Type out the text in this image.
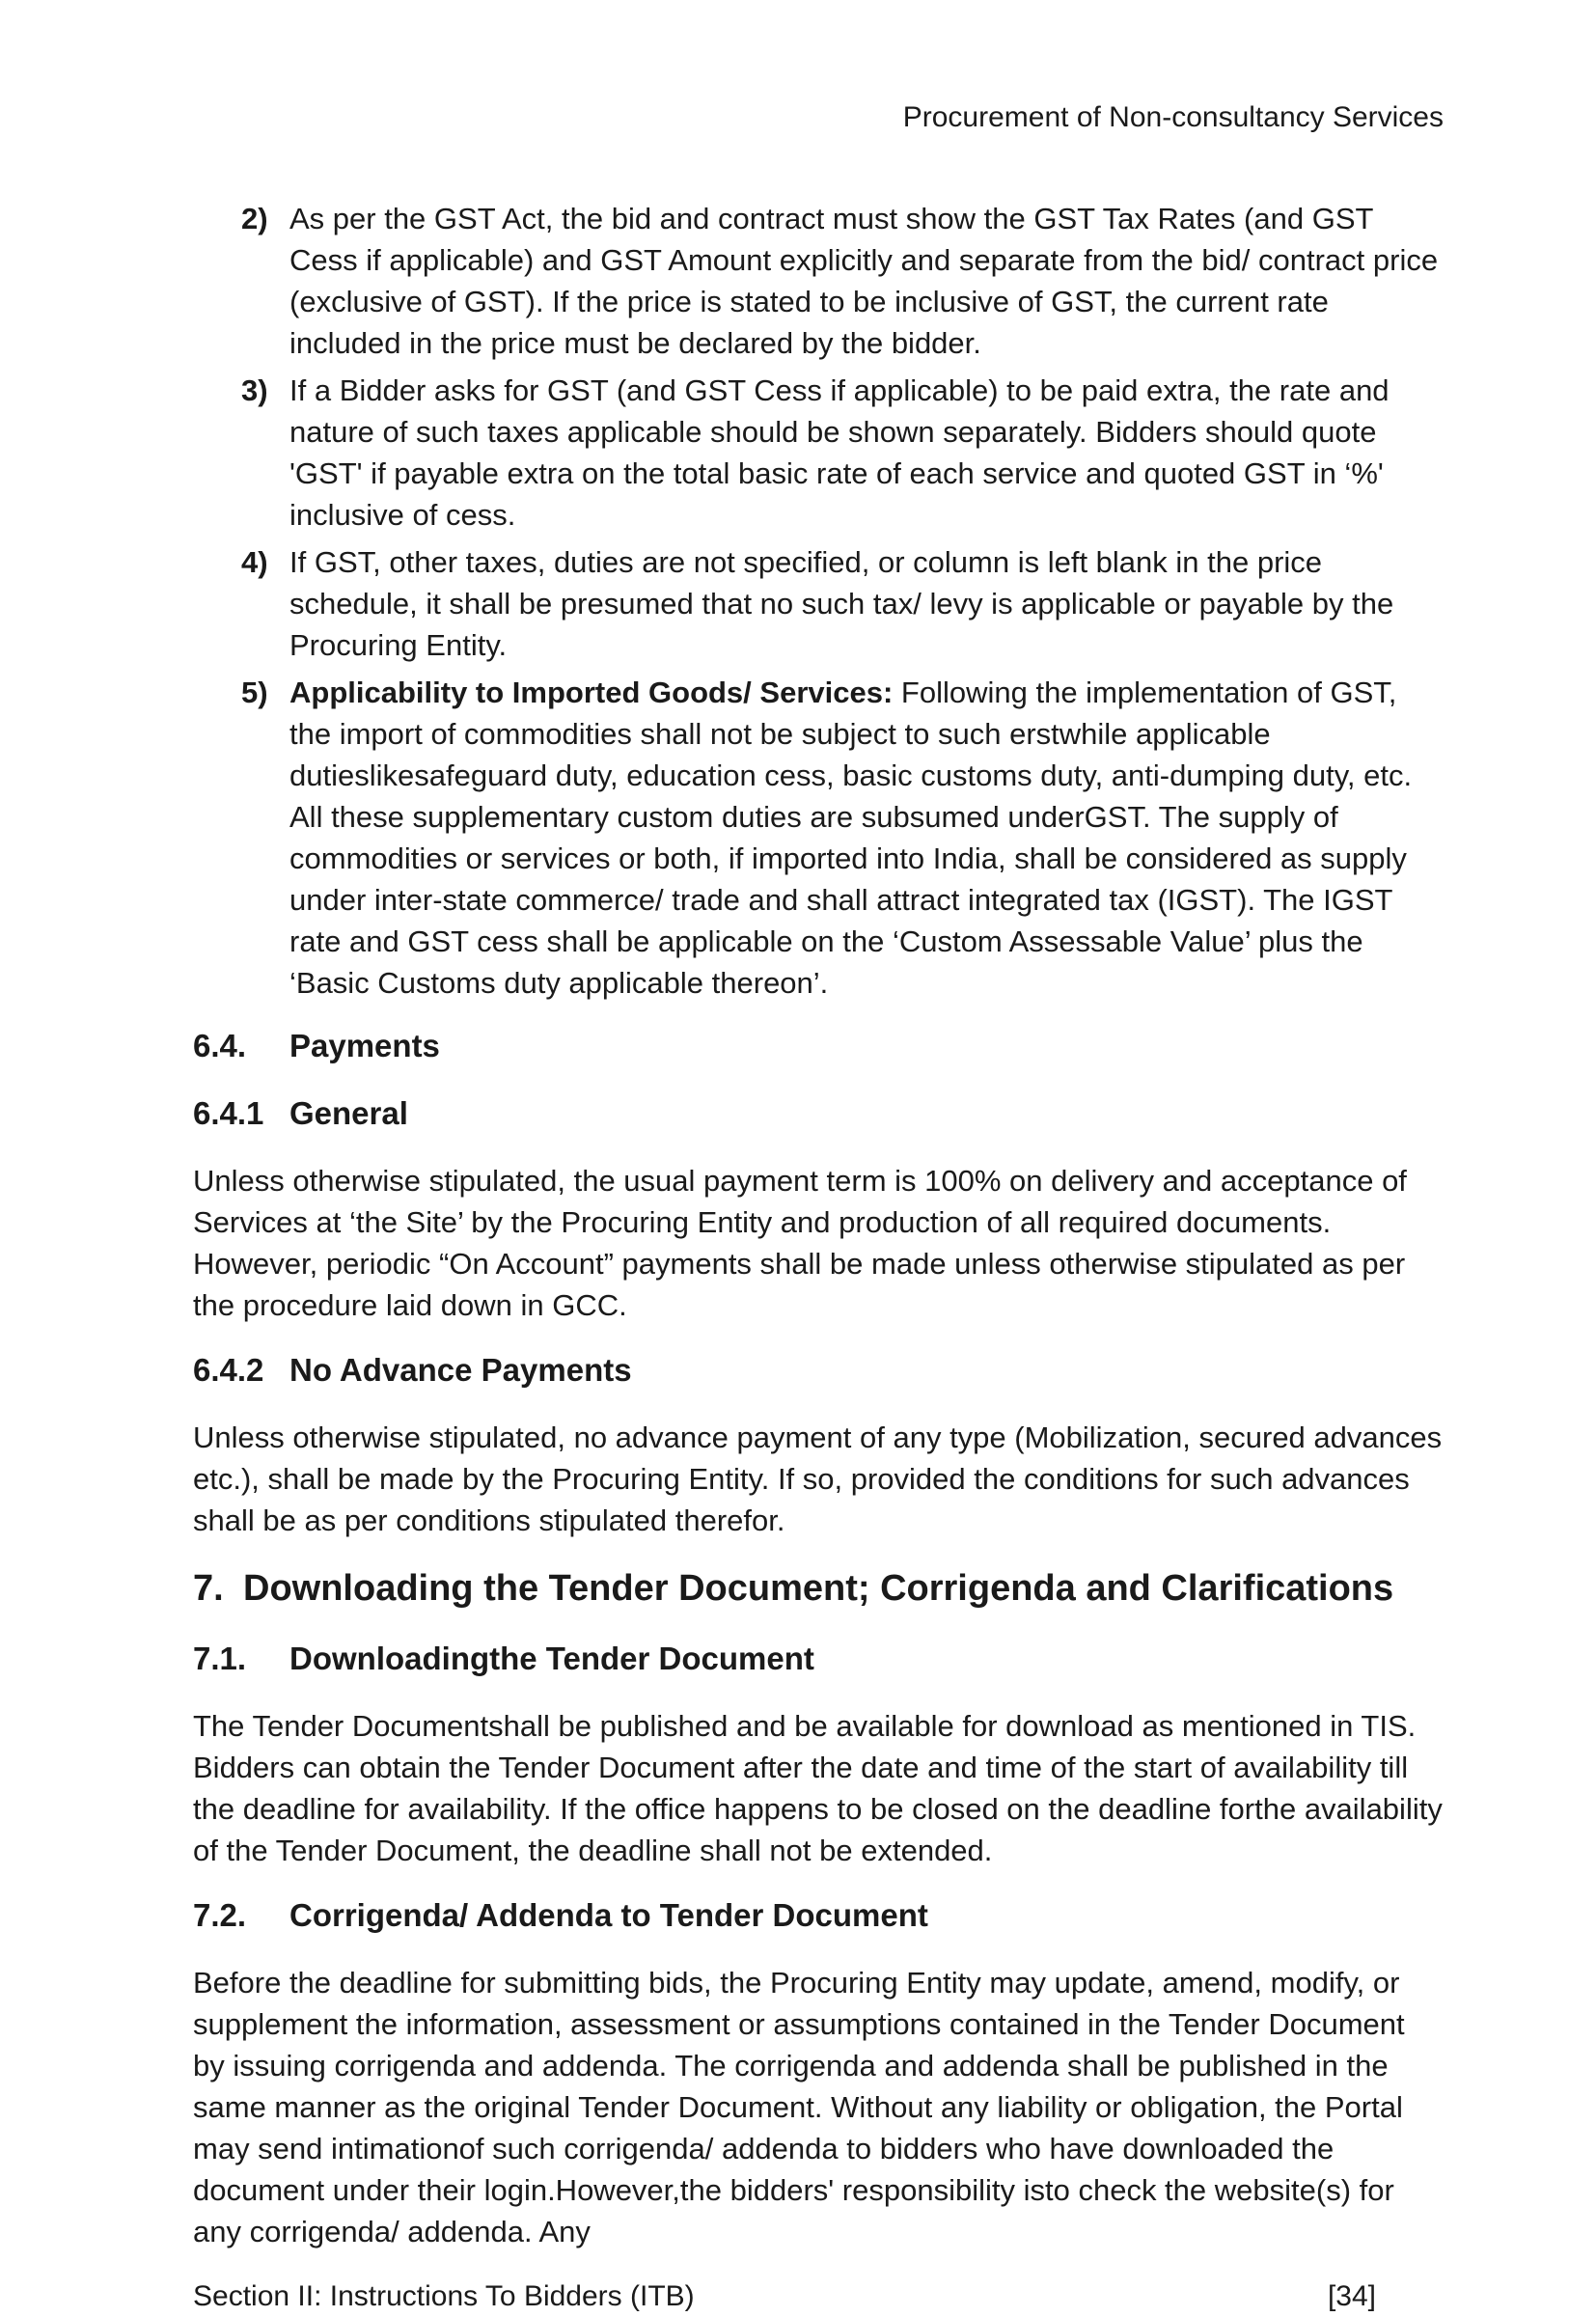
Procurement of Non-consultancy Services
2) As per the GST Act, the bid and contract must show the GST Tax Rates (and GST Cess if applicable) and GST Amount explicitly and separate from the bid/ contract price (exclusive of GST). If the price is stated to be inclusive of GST, the current rate included in the price must be declared by the bidder.
3) If a Bidder asks for GST (and GST Cess if applicable) to be paid extra, the rate and nature of such taxes applicable should be shown separately. Bidders should quote 'GST' if payable extra on the total basic rate of each service and quoted GST in ‘%' inclusive of cess.
4) If GST, other taxes, duties are not specified, or column is left blank in the price schedule, it shall be presumed that no such tax/ levy is applicable or payable by the Procuring Entity.
5) Applicability to Imported Goods/ Services: Following the implementation of GST, the import of commodities shall not be subject to such erstwhile applicable dutieslikesafeguard duty, education cess, basic customs duty, anti-dumping duty, etc. All these supplementary custom duties are subsumed underGST. The supply of commodities or services or both, if imported into India, shall be considered as supply under inter-state commerce/ trade and shall attract integrated tax (IGST). The IGST rate and GST cess shall be applicable on the ‘Custom Assessable Value’ plus the ‘Basic Customs duty applicable thereon’.
6.4.	Payments
6.4.1 General
Unless otherwise stipulated, the usual payment term is 100% on delivery and acceptance of Services at ‘the Site’ by the Procuring Entity and production of all required documents. However, periodic “On Account” payments shall be made unless otherwise stipulated as per the procedure laid down in GCC.
6.4.2 No Advance Payments
Unless otherwise stipulated, no advance payment of any type (Mobilization, secured advances etc.), shall be made by the Procuring Entity. If so, provided the conditions for such advances shall be as per conditions stipulated therefor.
7. Downloading the Tender Document; Corrigenda and Clarifications
7.1.	Downloadingthe Tender Document
The Tender Documentshall be published and be available for download as mentioned in TIS. Bidders can obtain the Tender Document after the date and time of the start of availability till the deadline for availability. If the office happens to be closed on the deadline forthe availability of the Tender Document, the deadline shall not be extended.
7.2.	Corrigenda/ Addenda to Tender Document
Before the deadline for submitting bids, the Procuring Entity may update, amend, modify, or supplement the information, assessment or assumptions contained in the Tender Document by issuing corrigenda and addenda. The corrigenda and addenda shall be published in the same manner as the original Tender Document. Without any liability or obligation, the Portal may send intimationof such corrigenda/ addenda to bidders who have downloaded the document under their login.However,the bidders' responsibility isto check the website(s) for any corrigenda/ addenda. Any
Section II: Instructions To Bidders (ITB)	[34]
